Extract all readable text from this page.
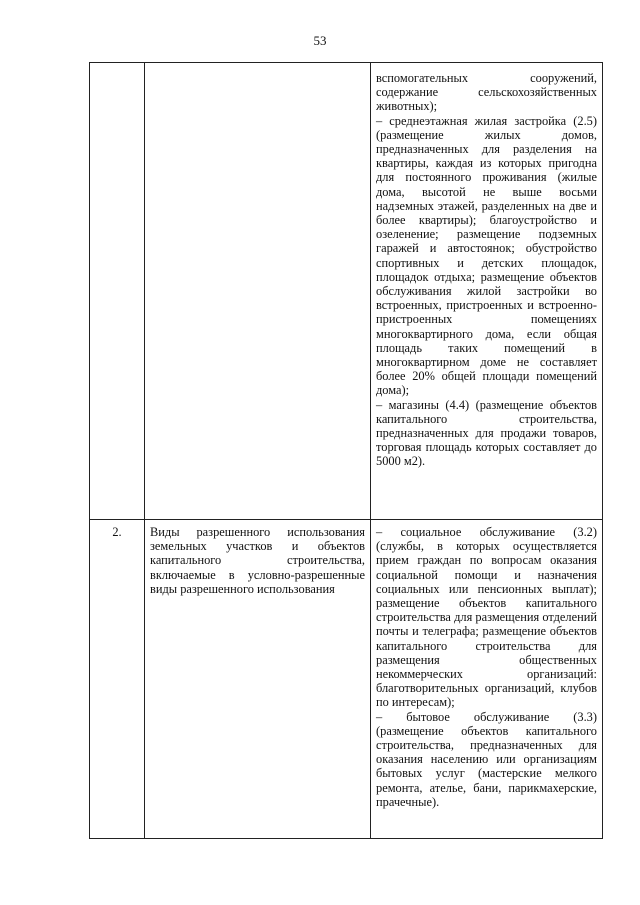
53

		вспомогательных сооружений, содержание сельскохозяйственных животных);

– среднеэтажная жилая застройка (2.5) (размещение жилых домов, предназначенных для разделения на квартиры, каждая из которых пригодна для постоянного проживания (жилые дома, высотой не выше восьми надземных этажей, разделенных на две и более квартиры); благоустройство и озеленение; размещение подземных гаражей и автостоянок; обустройство спортивных и детских площадок, площадок отдыха; размещение объектов обслуживания жилой застройки во встроенных, пристроенных и встроенно-пристроенных помещениях многоквартирного дома, если общая площадь таких помещений в многоквартирном доме не составляет более 20% общей площади помещений дома);

– магазины (4.4) (размещение объектов капитального строительства, предназначенных для продажи товаров, торговая площадь которых составляет до 5000 м2).

2.	Виды разрешенного использования земельных участков и объектов капитального строительства, включаемые в условно-разрешенные виды разрешенного использования	– социальное обслуживание (3.2) (службы, в которых осуществляется прием граждан по вопросам оказания социальной помощи и назначения социальных или пенсионных выплат); размещение объектов капитального строительства для размещения отделений почты и телеграфа; размещение объектов капитального строительства для размещения общественных некоммерческих организаций: благотворительных организаций, клубов по интересам);

– бытовое обслуживание (3.3) (размещение объектов капитального строительства, предназначенных для оказания населению или организациям бытовых услуг (мастерские мелкого ремонта, ателье, бани, парикмахерские, прачечные).
